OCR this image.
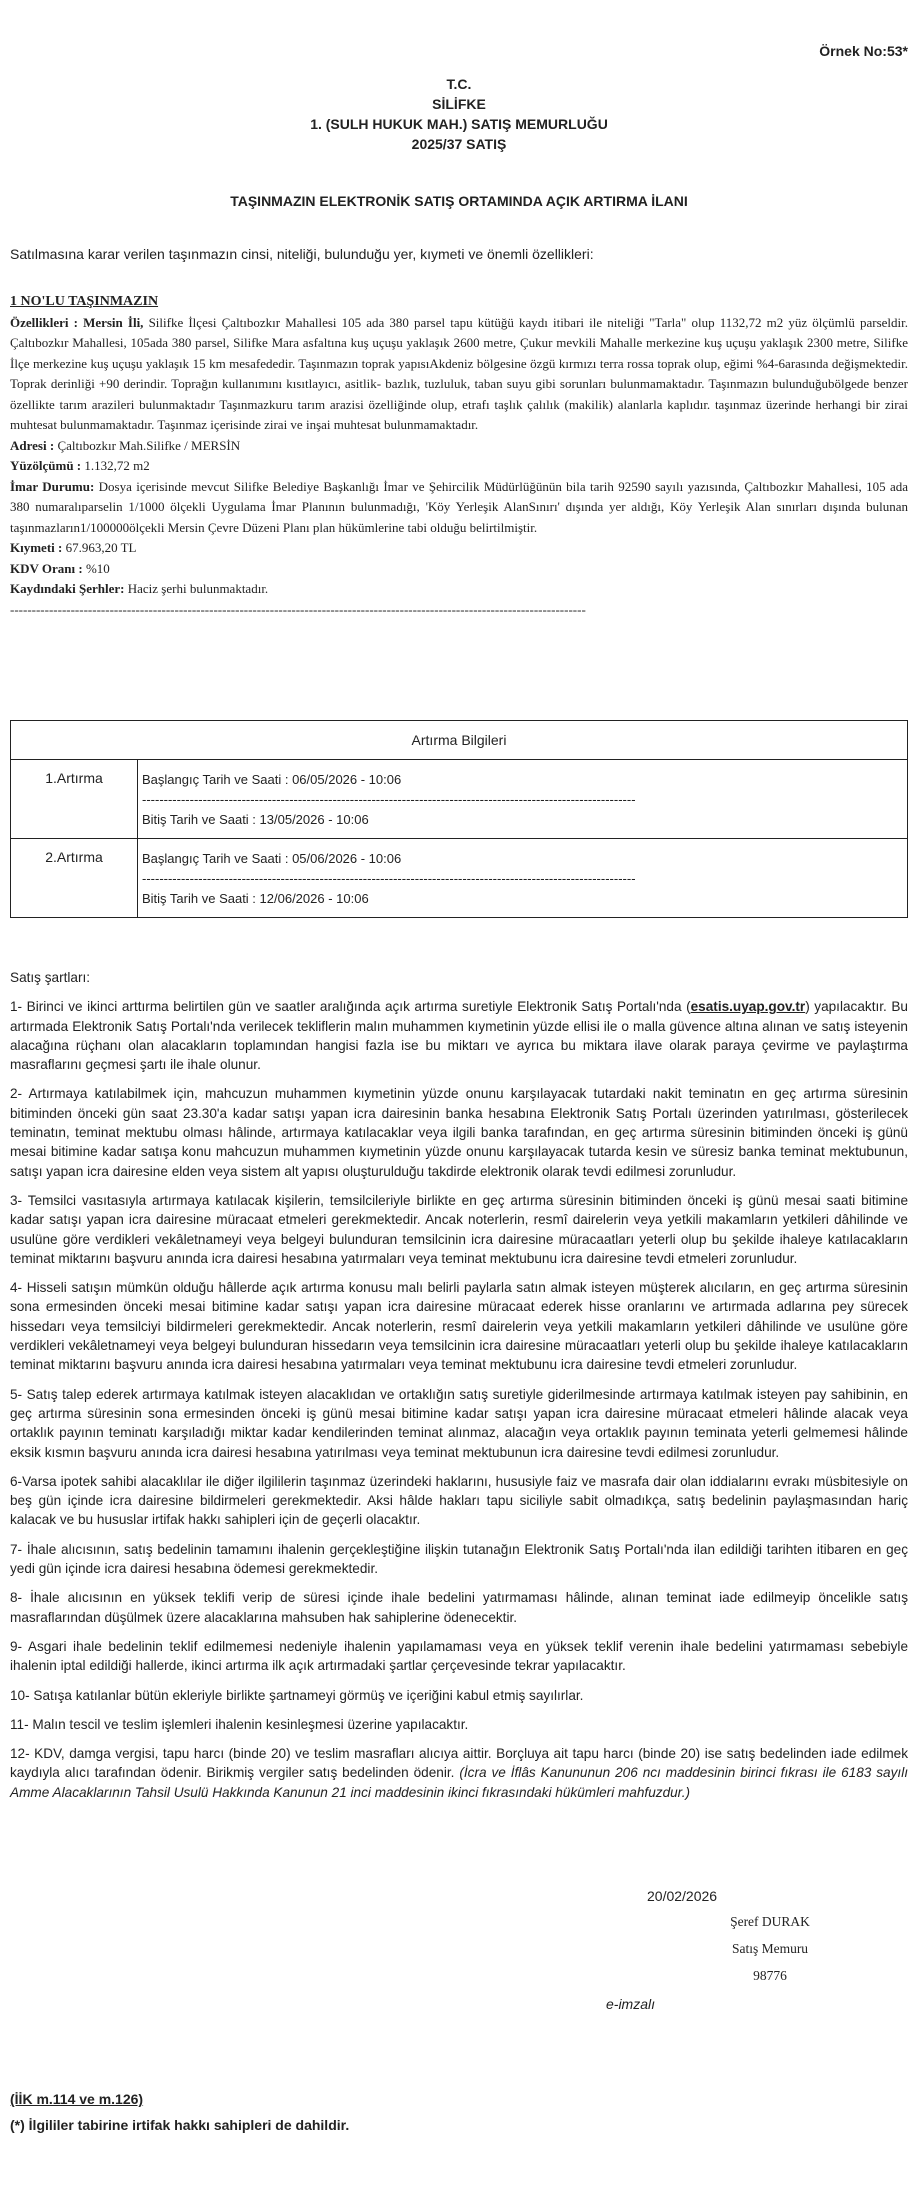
Örnek No:53*
T.C.
SİLİFKE
1. (SULH HUKUK MAH.) SATIŞ MEMURLUĞU
2025/37 SATIŞ
TAŞINMAZIN ELEKTRONİK SATIŞ ORTAMINDA AÇIK ARTIRMA İLANI
Satılmasına karar verilen taşınmazın cinsi, niteliği, bulunduğu yer, kıymeti ve önemli özellikleri:

1 NO'LU TAŞINMAZIN

Özellikleri : Mersin İli, Silifke İlçesi Çaltıbozkır Mahallesi 105 ada 380 parsel tapu kütüğü kaydı itibari ile niteliği "Tarla" olup 1132,72 m2 yüz ölçümlü parseldir. Çaltıbozkır Mahallesi, 105ada 380 parsel, Silifke Mara asfaltına kuş uçuşu yaklaşık 2600 metre, Çukur mevkili Mahalle merkezine kuş uçuşu yaklaşık 2300 metre, Silifke İlçe merkezine kuş uçuşu yaklaşık 15 km mesafededir. Taşınmazın toprak yapısıAkdeniz bölgesine özgü kırmızı terra rossa toprak olup, eğimi %4-6arasında değişmektedir. Toprak derinliği +90 derindir. Toprağın kullanımını kısıtlayıcı, asitlik- bazlık, tuzluluk, taban suyu gibi sorunları bulunmamaktadır. Taşınmazın bulunduğubölgede benzer özellikte tarım arazileri bulunmaktadır Taşınmazkuru tarım arazisi özelliğinde olup, etrafı taşlık çalılık (makilik) alanlarla kaplıdır. taşınmaz üzerinde herhangi bir zirai muhtesat bulunmamaktadır. Taşınmaz içerisinde zirai ve inşai muhtesat bulunmamaktadır.

Adresi : Çaltıbozkır Mah.Silifke / MERSİN

Yüzölçümü : 1.132,72 m2

İmar Durumu: Dosya içerisinde mevcut Silifke Belediye Başkanlığı İmar ve Şehircilik Müdürlüğünün bila tarih 92590 sayılı yazısında, Çaltıbozkır Mahallesi, 105 ada 380 numaralıparselin 1/1000 ölçekli Uygulama İmar Planının bulunmadığı, 'Köy Yerleşik AlanSınırı' dışında yer aldığı, Köy Yerleşik Alan sınırları dışında bulunan taşınmazların1/100000ölçekli Mersin Çevre Düzeni Planı plan hükümlerine tabi olduğu belirtilmiştir.

Kıymeti : 67.963,20 TL

KDV Oranı : %10

Kaydındaki Şerhler: Haciz şerhi bulunmaktadır.

-------------------------------------------------------------------------------------------------------------------------------------

Artırma Bilgileri	
1.Artırma	Başlangıç Tarih ve Saati : 06/05/2026 - 10:06
------------------------------------------------------------------------------------------------------------------
Bitiş Tarih ve Saati : 13/05/2026 - 10:06

2.Artırma	Başlangıç Tarih ve Saati : 05/06/2026 - 10:06
------------------------------------------------------------------------------------------------------------------
Bitiş Tarih ve Saati : 12/06/2026 - 10:06

Satış şartları:

1- Birinci ve ikinci arttırma belirtilen gün ve saatler aralığında açık artırma suretiyle Elektronik Satış Portalı'nda (esatis.uyap.gov.tr) yapılacaktır. Bu artırmada Elektronik Satış Portalı'nda verilecek tekliflerin malın muhammen kıymetinin yüzde ellisi ile o malla güvence altına alınan ve satış isteyenin alacağına rüçhanı olan alacakların toplamından hangisi fazla ise bu miktarı ve ayrıca bu miktara ilave olarak paraya çevirme ve paylaştırma masraflarını geçmesi şartı ile ihale olunur.

2- Artırmaya katılabilmek için, mahcuzun muhammen kıymetinin yüzde onunu karşılayacak tutardaki nakit teminatın en geç artırma süresinin bitiminden önceki gün saat 23.30'a kadar satışı yapan icra dairesinin banka hesabına Elektronik Satış Portalı üzerinden yatırılması, gösterilecek teminatın, teminat mektubu olması hâlinde, artırmaya katılacaklar veya ilgili banka tarafından, en geç artırma süresinin bitiminden önceki iş günü mesai bitimine kadar satışa konu mahcuzun muhammen kıymetinin yüzde onunu karşılayacak tutarda kesin ve süresiz banka teminat mektubunun, satışı yapan icra dairesine elden veya sistem alt yapısı oluşturulduğu takdirde elektronik olarak tevdi edilmesi zorunludur.

3- Temsilci vasıtasıyla artırmaya katılacak kişilerin, temsilcileriyle birlikte en geç artırma süresinin bitiminden önceki iş günü mesai saati bitimine kadar satışı yapan icra dairesine müracaat etmeleri gerekmektedir. Ancak noterlerin, resmî dairelerin veya yetkili makamların yetkileri dâhilinde ve usulüne göre verdikleri vekâletnameyi veya belgeyi bulunduran temsilcinin icra dairesine müracaatları yeterli olup bu şekilde ihaleye katılacakların teminat miktarını başvuru anında icra dairesi hesabına yatırmaları veya teminat mektubunu icra dairesine tevdi etmeleri zorunludur.

4- Hisseli satışın mümkün olduğu hâllerde açık artırma konusu malı belirli paylarla satın almak isteyen müşterek alıcıların, en geç artırma süresinin sona ermesinden önceki mesai bitimine kadar satışı yapan icra dairesine müracaat ederek hisse oranlarını ve artırmada adlarına pey sürecek hissedarı veya temsilciyi bildirmeleri gerekmektedir. Ancak noterlerin, resmî dairelerin veya yetkili makamların yetkileri dâhilinde ve usulüne göre verdikleri vekâletnameyi veya belgeyi bulunduran hissedarın veya temsilcinin icra dairesine müracaatları yeterli olup bu şekilde ihaleye katılacakların teminat miktarını başvuru anında icra dairesi hesabına yatırmaları veya teminat mektubunu icra dairesine tevdi etmeleri zorunludur.

5- Satış talep ederek artırmaya katılmak isteyen alacaklıdan ve ortaklığın satış suretiyle giderilmesinde artırmaya katılmak isteyen pay sahibinin, en geç artırma süresinin sona ermesinden önceki iş günü mesai bitimine kadar satışı yapan icra dairesine müracaat etmeleri hâlinde alacak veya ortaklık payının teminatı karşıladığı miktar kadar kendilerinden teminat alınmaz, alacağın veya ortaklık payının teminata yeterli gelmemesi hâlinde eksik kısmın başvuru anında icra dairesi hesabına yatırılması veya teminat mektubunun icra dairesine tevdi edilmesi zorunludur.

6-Varsa ipotek sahibi alacaklılar ile diğer ilgililerin taşınmaz üzerindeki haklarını, hususiyle faiz ve masrafa dair olan iddialarını evrakı müsbitesiyle on beş gün içinde icra dairesine bildirmeleri gerekmektedir. Aksi hâlde hakları tapu siciliyle sabit olmadıkça, satış bedelinin paylaşmasından hariç kalacak ve bu hususlar irtifak hakkı sahipleri için de geçerli olacaktır.

7- İhale alıcısının, satış bedelinin tamamını ihalenin gerçekleştiğine ilişkin tutanağın Elektronik Satış Portalı'nda ilan edildiği tarihten itibaren en geç yedi gün içinde icra dairesi hesabına ödemesi gerekmektedir.

8- İhale alıcısının en yüksek teklifi verip de süresi içinde ihale bedelini yatırmaması hâlinde, alınan teminat iade edilmeyip öncelikle satış masraflarından düşülmek üzere alacaklarına mahsuben hak sahiplerine ödenecektir.

9- Asgari ihale bedelinin teklif edilmemesi nedeniyle ihalenin yapılamaması veya en yüksek teklif verenin ihale bedelini yatırmaması sebebiyle ihalenin iptal edildiği hallerde, ikinci artırma ilk açık artırmadaki şartlar çerçevesinde tekrar yapılacaktır.

10- Satışa katılanlar bütün ekleriyle birlikte şartnameyi görmüş ve içeriğini kabul etmiş sayılırlar.

11- Malın tescil ve teslim işlemleri ihalenin kesinleşmesi üzerine yapılacaktır.

12- KDV, damga vergisi, tapu harcı (binde 20) ve teslim masrafları alıcıya aittir. Borçluya ait tapu harcı (binde 20) ise satış bedelinden iade edilmek kaydıyla alıcı tarafından ödenir. Birikmiş vergiler satış bedelinden ödenir. (İcra ve İflâs Kanununun 206 ncı maddesinin birinci fıkrası ile 6183 sayılı Amme Alacaklarının Tahsil Usulü Hakkında Kanunun 21 inci maddesinin ikinci fıkrasındaki hükümleri mahfuzdur.)

20/02/2026
Şeref DURAK
Satış Memuru
98776
e-imzalı
(İİK m.114 ve m.126)
(*) İlgililer tabirine irtifak hakkı sahipleri de dahildir.
